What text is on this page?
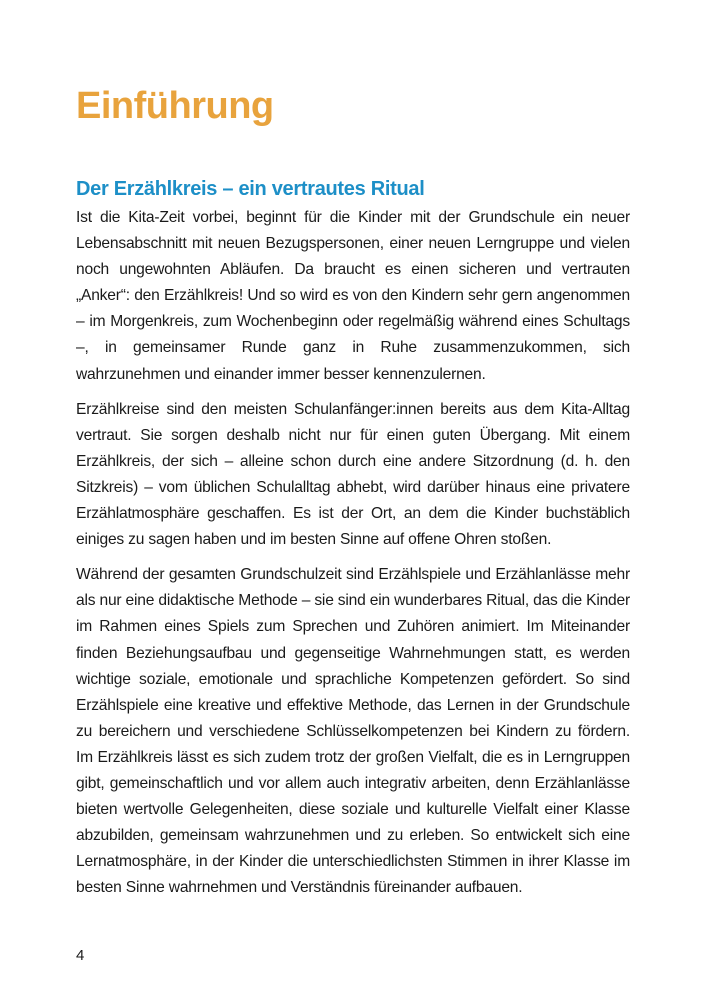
Einführung
Der Erzählkreis – ein vertrautes Ritual

Ist die Kita-Zeit vorbei, beginnt für die Kinder mit der Grundschule ein neuer Lebensabschnitt mit neuen Bezugspersonen, einer neuen Lerngruppe und vielen noch ungewohnten Abläufen. Da braucht es einen sicheren und vertrauten „Anker“: den Erzählkreis! Und so wird es von den Kindern sehr gern angenommen – im Morgenkreis, zum Wochenbeginn oder regelmäßig während eines Schultags –, in gemeinsamer Runde ganz in Ruhe zusammenzukommen, sich wahrzunehmen und einander immer besser kennenzulernen.

Erzählkreise sind den meisten Schulanfänger:innen bereits aus dem Kita-Alltag vertraut. Sie sorgen deshalb nicht nur für einen guten Übergang. Mit einem Erzählkreis, der sich – alleine schon durch eine andere Sitzordnung (d. h. den Sitzkreis) – vom üblichen Schulalltag abhebt, wird darüber hinaus eine privatere Erzählatmosphäre geschaffen. Es ist der Ort, an dem die Kinder buchstäblich einiges zu sagen haben und im besten Sinne auf offene Ohren stoßen.

Während der gesamten Grundschulzeit sind Erzählspiele und Erzählanlässe mehr als nur eine didaktische Methode – sie sind ein wunderbares Ritual, das die Kinder im Rahmen eines Spiels zum Sprechen und Zuhören animiert. Im Miteinander finden Beziehungsaufbau und gegenseitige Wahrnehmungen statt, es werden wichtige soziale, emotionale und sprachliche Kompetenzen gefördert. So sind Erzählspiele eine kreative und effektive Methode, das Lernen in der Grundschule zu bereichern und verschiedene Schlüsselkompetenzen bei Kindern zu fördern. Im Erzählkreis lässt es sich zudem trotz der großen Vielfalt, die es in Lerngruppen gibt, gemeinschaftlich und vor allem auch integrativ arbeiten, denn Erzählanlässe bieten wertvolle Gelegenheiten, diese soziale und kulturelle Vielfalt einer Klasse abzubilden, gemeinsam wahrzunehmen und zu erleben. So entwickelt sich eine Lernatmosphäre, in der Kinder die unterschiedlichsten Stimmen in ihrer Klasse im besten Sinne wahrnehmen und Verständnis füreinander aufbauen.

4
